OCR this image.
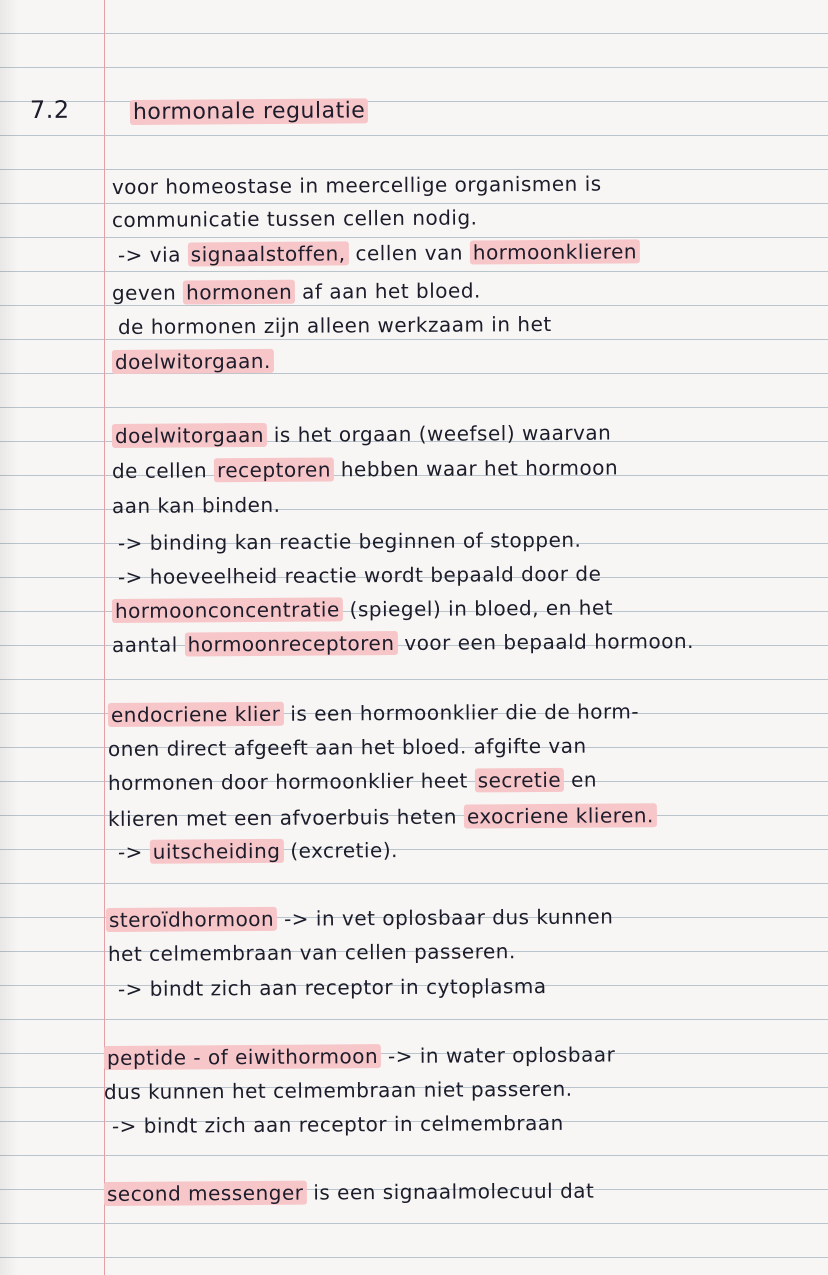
7.2	hormonale regulatie
voor homeostase in meercellige organismen is
communicatie tussen cellen nodig.
-> via signaalstoffen, cellen van hormoonklieren
geven hormonen af aan het bloed.
de hormonen zijn alleen werkzaam in het
doelwitorgaan.
doelwitorgaan is het orgaan (weefsel) waarvan
de cellen receptoren hebben waar het hormoon
aan kan binden.
-> binding kan reactie beginnen of stoppen.
-> hoeveelheid reactie wordt bepaald door de
hormoonconcentratie (spiegel) in bloed, en het
aantal hormoonreceptoren voor een bepaald hormoon.
endocriene klier is een hormoonklier die de horm-
onen direct afgeeft aan het bloed. afgifte van
hormonen door hormoonklier heet secretie en
klieren met een afvoerbuis heten exocriene klieren.
-> uitscheiding (excretie).
steroïdhormoon -> in vet oplosbaar dus kunnen
het celmembraan van cellen passeren.
-> bindt zich aan receptor in cytoplasma
peptide - of eiwithormoon -> in water oplosbaar
dus kunnen het celmembraan niet passeren.
-> bindt zich aan receptor in celmembraan
second messenger is een signaalmolecuul dat
